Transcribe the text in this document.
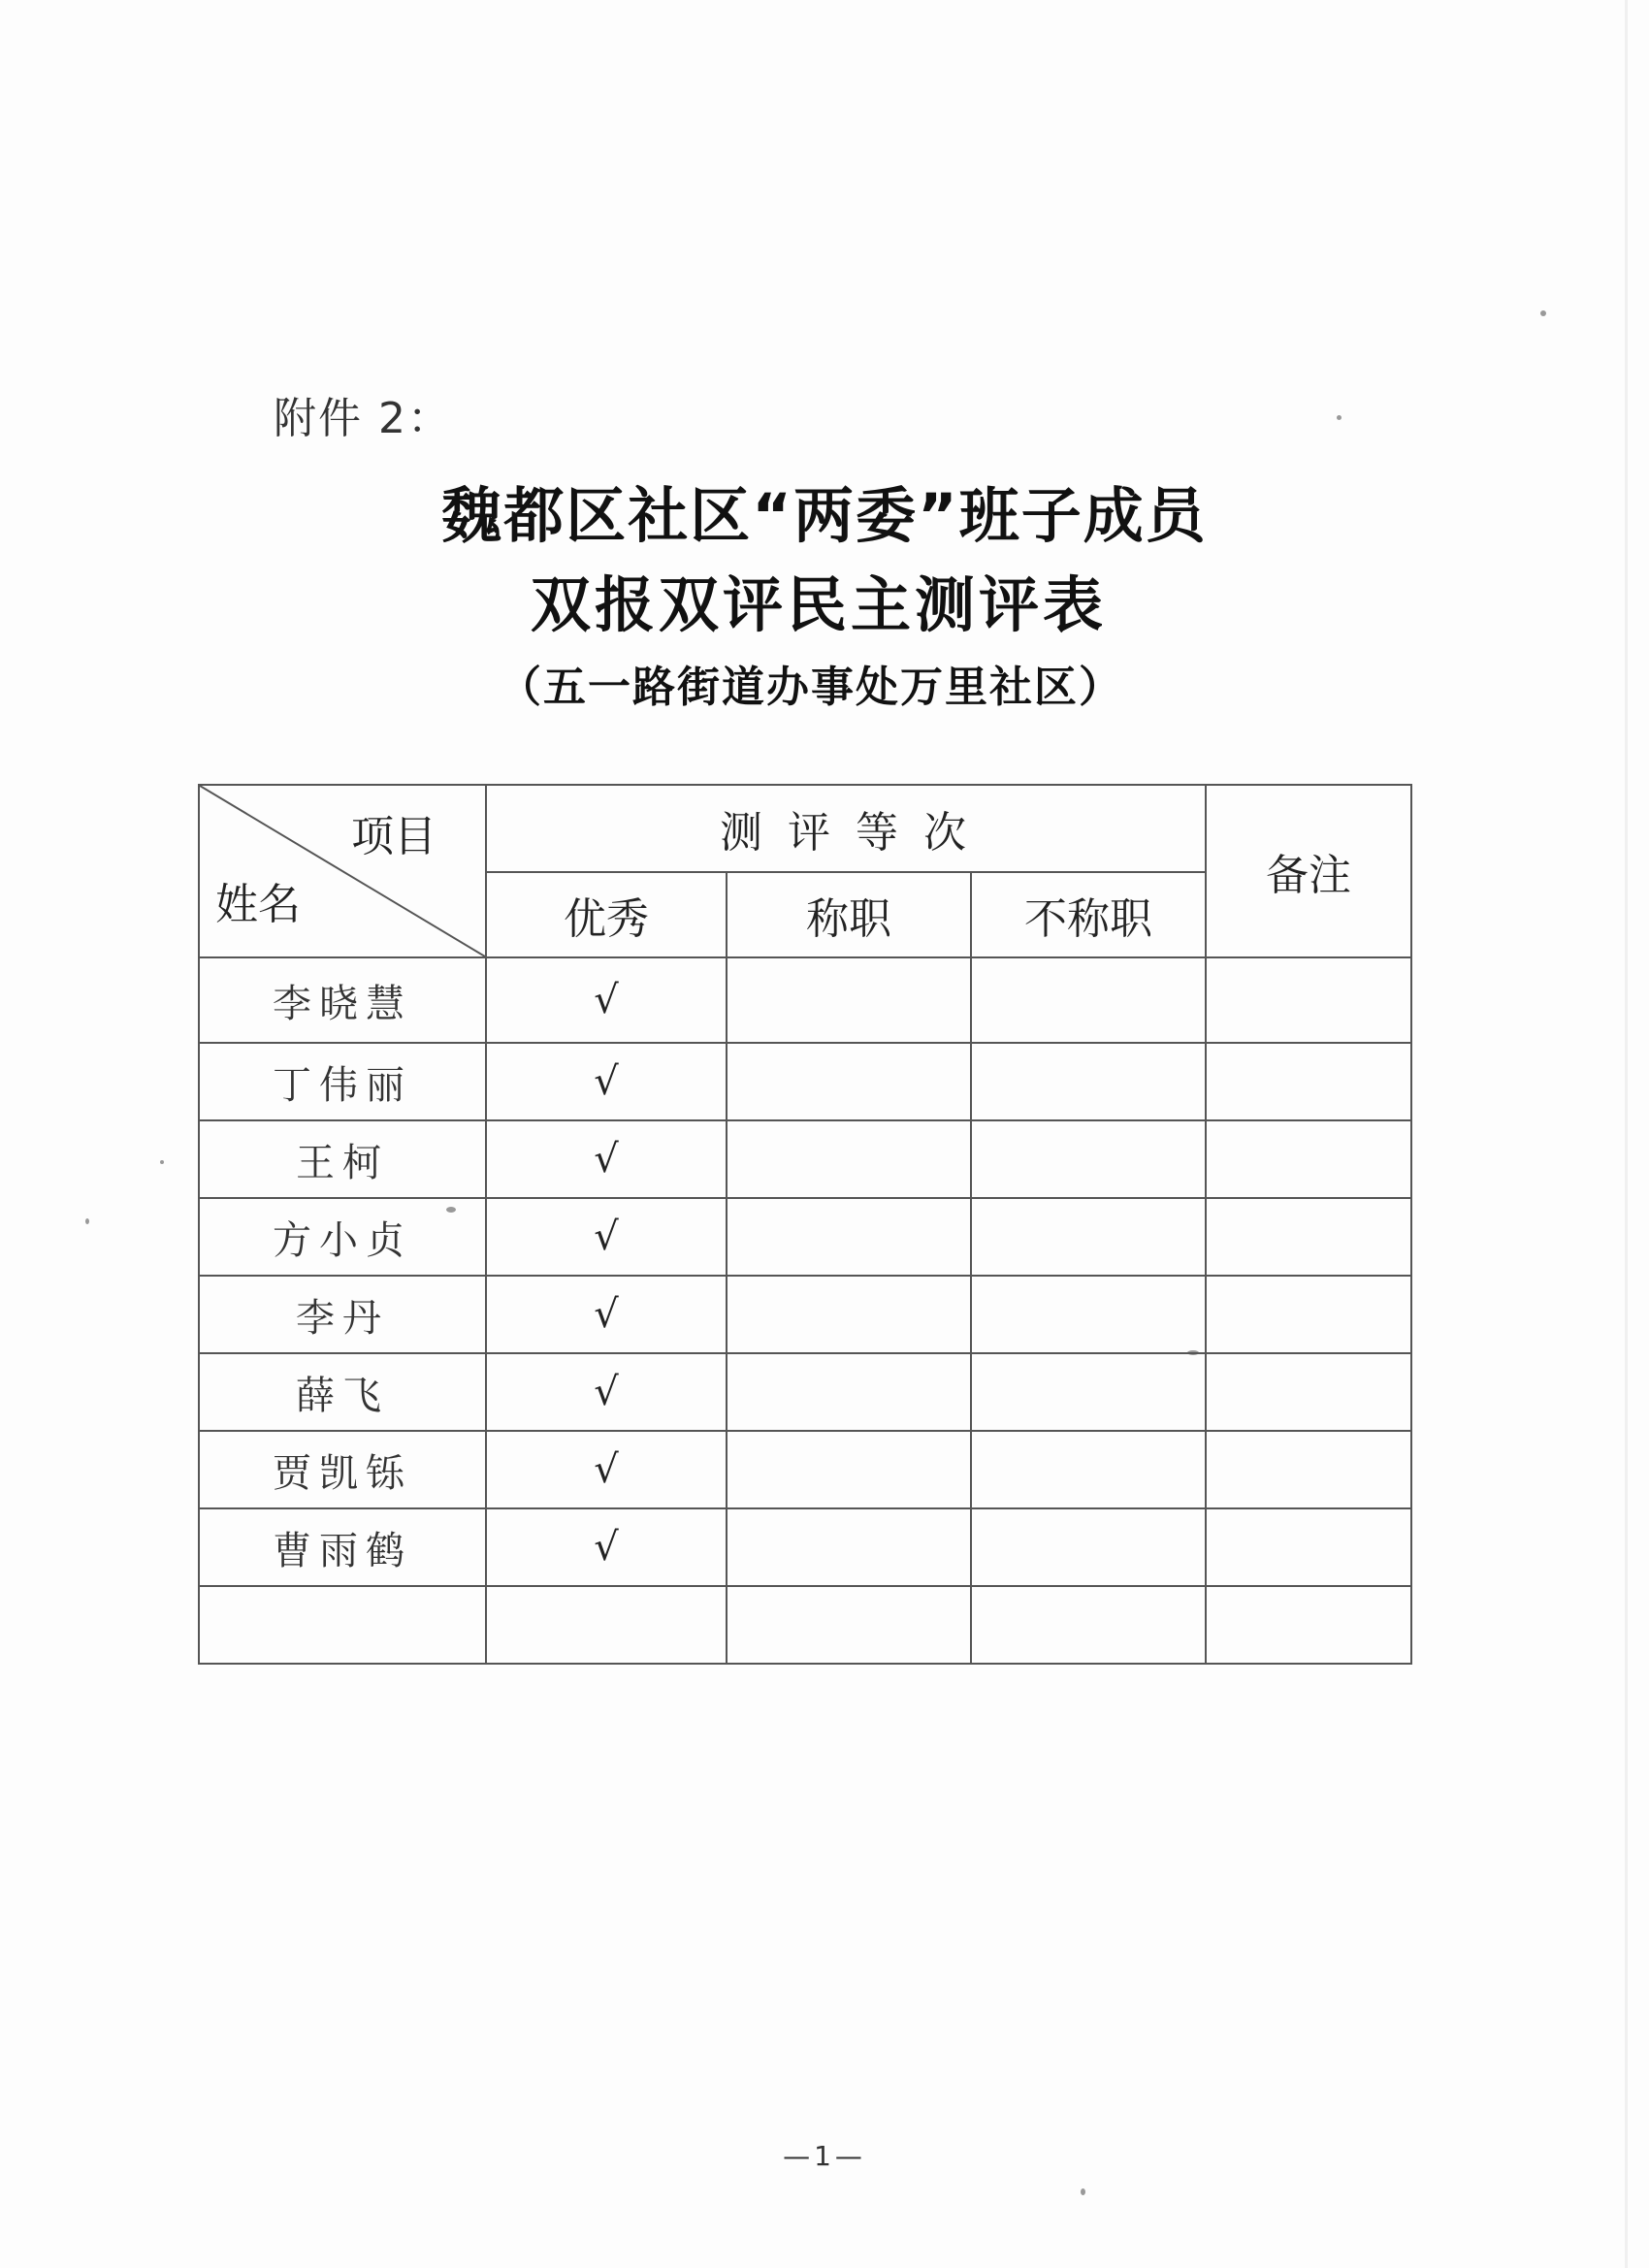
附件 2：
魏都区社区“两委”班子成员
双报双评民主测评表
（五一路街道办事处万里社区）
项目
姓名	测 评 等 次			备注
	优秀	称职	不称职	
李晓慧	√			
丁伟丽	√			
王柯	√			
方小贞	√			
李丹	√			
薛飞	√			
贾凯铄	√			
曹雨鹤	√			

—1—
